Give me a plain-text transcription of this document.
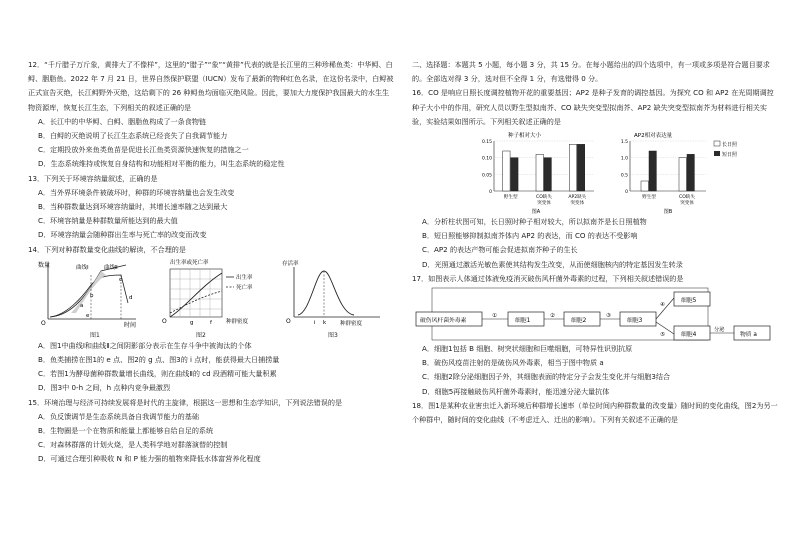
12．“千斤腊子万斤象，黄排大了不像样”，这里的“腊子”“象”“黄排”代表的就是长江里的三种珍稀鱼类：中华鲟、白鲟、胭脂鱼。2022 年 7 月 21 日，世界自然保护联盟（IUCN）发布了最新的物种红色名录，在这份名录中，白鲟被正式宣告灭绝，长江鲟野外灭绝，这给剩下的 26 种鲟鱼均面临灭绝风险。因此，要加大力度保护我国最大的水生生物资源库，恢复长江生态，下列相关的叙述正确的是
A．长江中的中华鲟、白鲟、胭脂鱼构成了一条食物链
B．白鲟的灭绝说明了长江生态系统已经丧失了自我调节能力
C．定期投放外来鱼类鱼苗是促进长江鱼类资源快速恢复的措施之一
D．生态系统维持或恢复自身结构和功能相对平衡的能力，叫生态系统的稳定性
13．下列关于环境容纳量叙述，正确的是
A．当外界环境条件被破坏时，种群的环境容纳量也会发生改变
B．当种群数量达到环境容纳量时，其增长速率随之达到最大
C．环境容纳量是种群数量所能达到的最大值
D．环境容纳量会随种群出生率与死亡率的改变而改变
14．下列对种群数量变化曲线的解读，不合理的是
数量	曲线Ⅰ	曲线Ⅱ
a
b
c
d
e
O	时间
出生率或死亡率
出生率
死亡率
O	g	f	种群密度
存活率
O	i k	种群密度
图1	图2	图3
A．图1中曲线Ⅰ和曲线Ⅱ之间阴影部分表示在生存斗争中被淘汰的个体
B．鱼类捕捞在图1的 e 点、图2的 g 点、图3的 i 点时，能获得最大日捕捞量
C．若图1为酵母菌种群数量增长曲线，则在曲线Ⅱ的 cd 段酒精可能大量积累
D．图3中 0-h 之间，h 点种内竞争最激烈
15．环境治理与经济可持续发展将是时代的主旋律，根据这一思想和生态学知识，下列说法错误的是
A．负反馈调节是生态系统具备自我调节能力的基础
B．生物圈是一个在物质和能量上都能够自给自足的系统
C．对森林群落的计划火烧，是人类科学地对群落演替的控制
D．可通过合理引种吸收 N 和 P 能力强的植物来降低水体富营养化程度
二、选择题：本题共 5 小题，每小题 3 分，共 15 分。在每小题给出的四个选项中，有一项或多项是符合题目要求的。全部选对得 3 分，选对但不全得 1 分，有选错得 0 分。
16．CO 是响应日照长度调控植物开花的重要基因；AP2 是种子发育的调控基因。为探究 CO 和 AP2 在光周期调控种子大小中的作用，研究人员以野生型拟南芥、CO 缺失突变型拟南芥、AP2 缺失突变型拟南芥为材料进行相关实验，实验结果如图所示。下列相关叙述正确的是
种子相对大小
0
0.05
0.10
0.15
野生型	CO缺失
突变体
AP2缺失
突变体
图A
AP2相对表达量
0
0.5
1.0
1.5
野生型	CO缺失
突变体
长日照
短日照
图B
A．分析柱状图可知，长日照时种子相对较大，所以拟南芥是长日照植物
B．短日照能够抑制拟南芥体内 AP2 的表达，而 CO 的表达不受影响
C．AP2 的表达产物可能会促进拟南芥种子的生长
D．光照通过激活光敏色素使其结构发生改变，从而使细胞核内的特定基因发生转录
17．如图表示人体通过体液免疫消灭破伤风杆菌外毒素的过程，下列相关叙述错误的是
破伤风杆菌外毒素
①
细胞1
②
细胞2
③
细胞3
④
细胞5
⑤	细胞4
分泌
物质 a
A．细胞1包括 B 细胞、树突状细胞和巨噬细胞，可特异性识别抗原
B．破伤风疫苗注射的是破伤风外毒素，相当于图中物质 a
C．细胞2除分泌细胞因子外，其细胞表面的特定分子会发生变化并与细胞3结合
D．细胞5再接触破伤风杆菌外毒素时，能迅速分泌大量抗体
18．图1是某种农业害虫迁入新环境后种群增长速率（单位时间内种群数量的改变量）随时间的变化曲线，图2为另一个种群中，随时间的变化曲线（不考虑迁入、迁出的影响）。下列有关叙述不正确的是
